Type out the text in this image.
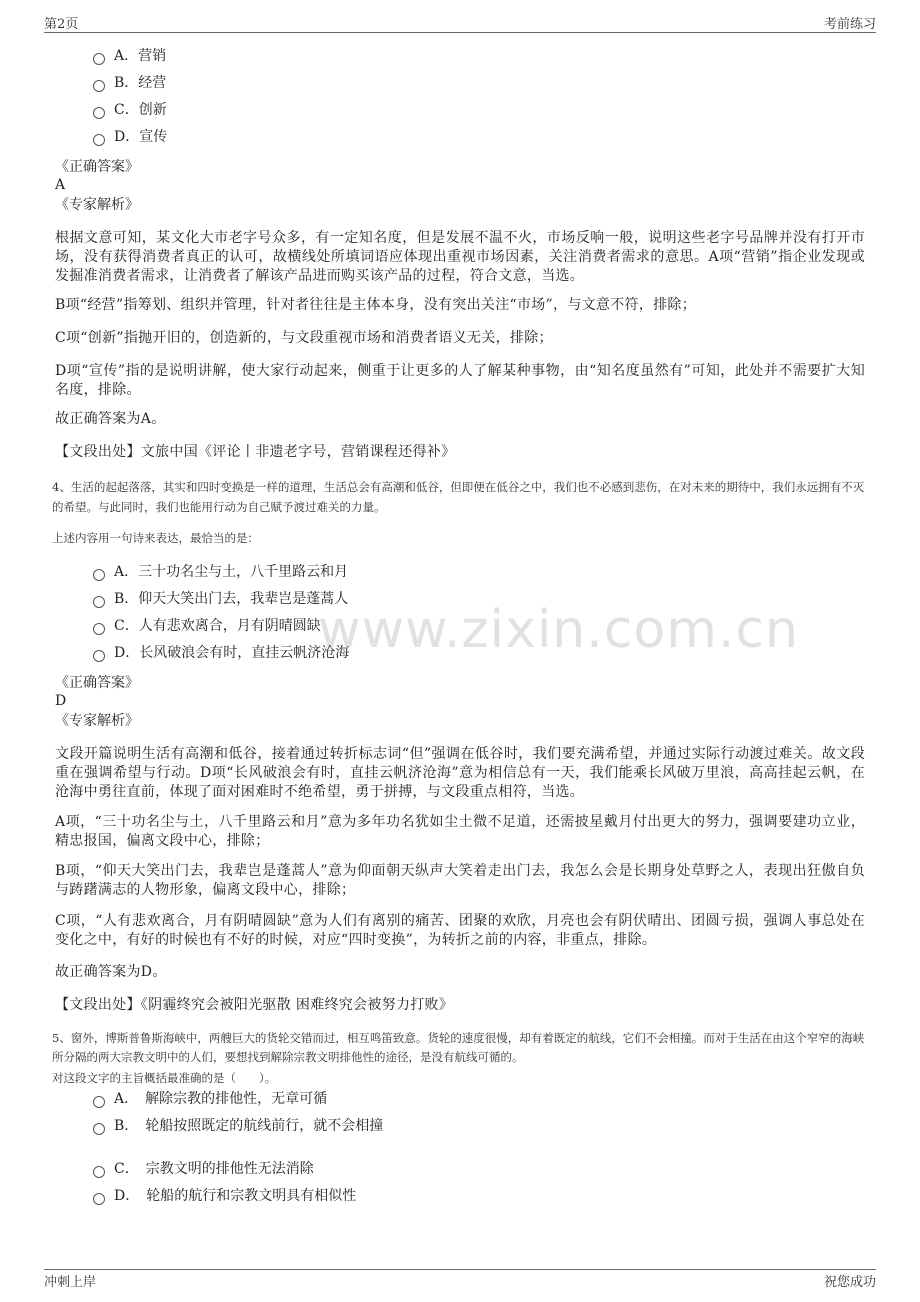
第2页	考前练习
www.zixin.com.cn
A．营销
B．经营
C．创新
D．宣传
《正确答案》
A
《专家解析》
根据文意可知，某文化大市老字号众多，有一定知名度，但是发展不温不火，市场反响一般，说明这些老字号品牌并没有打开市场，没有获得消费者真正的认可，故横线处所填词语应体现出重视市场因素，关注消费者需求的意思。A项“营销”指企业发现或发掘准消费者需求，让消费者了解该产品进而购买该产品的过程，符合文意，当选。
B项“经营”指筹划、组织并管理，针对者往往是主体本身，没有突出关注“市场”，与文意不符，排除；
C项“创新”指抛开旧的，创造新的，与文段重视市场和消费者语义无关，排除；
D项“宣传”指的是说明讲解，使大家行动起来，侧重于让更多的人了解某种事物，由“知名度虽然有”可知，此处并不需要扩大知名度，排除。
故正确答案为A。
【文段出处】文旅中国《评论丨非遗老字号，营销课程还得补》
4、生活的起起落落，其实和四时变换是一样的道理，生活总会有高潮和低谷，但即便在低谷之中，我们也不必感到悲伤，在对未来的期待中，我们永远拥有不灭的希望。与此同时，我们也能用行动为自己赋予渡过难关的力量。
上述内容用一句诗来表达，最恰当的是：
A．三十功名尘与土，八千里路云和月
B．仰天大笑出门去，我辈岂是蓬蒿人
C．人有悲欢离合，月有阴晴圆缺
D．长风破浪会有时，直挂云帆济沧海
《正确答案》
D
《专家解析》
文段开篇说明生活有高潮和低谷，接着通过转折标志词“但”强调在低谷时，我们要充满希望，并通过实际行动渡过难关。故文段重在强调希望与行动。D项“长风破浪会有时，直挂云帆济沧海”意为相信总有一天，我们能乘长风破万里浪，高高挂起云帆，在沧海中勇往直前，体现了面对困难时不绝希望，勇于拼搏，与文段重点相符，当选。
A项，“三十功名尘与土，八千里路云和月”意为多年功名犹如尘土微不足道，还需披星戴月付出更大的努力，强调要建功立业，精忠报国，偏离文段中心，排除；
B项，“仰天大笑出门去，我辈岂是蓬蒿人”意为仰面朝天纵声大笑着走出门去，我怎么会是长期身处草野之人，表现出狂傲自负与踌躇满志的人物形象，偏离文段中心，排除；
C项，“人有悲欢离合，月有阴晴圆缺”意为人们有离别的痛苦、团聚的欢欣，月亮也会有阴伏晴出、团圆亏损，强调人事总处在变化之中，有好的时候也有不好的时候，对应“四时变换”，为转折之前的内容，非重点，排除。
故正确答案为D。
【文段出处】《阴霾终究会被阳光驱散 困难终究会被努力打败》
5、窗外，博斯普鲁斯海峡中，两艘巨大的货轮交错而过，相互鸣笛致意。货轮的速度很慢，却有着既定的航线，它们不会相撞。而对于生活在由这个窄窄的海峡所分隔的两大宗教文明中的人们，要想找到解除宗教文明排他性的途径，是没有航线可循的。
对这段文字的主旨概括最准确的是（　　）。
A．　解除宗教的排他性，无章可循
B．　轮船按照既定的航线前行，就不会相撞
C．　宗教文明的排他性无法消除
D．　轮船的航行和宗教文明具有相似性
冲刺上岸	祝您成功
